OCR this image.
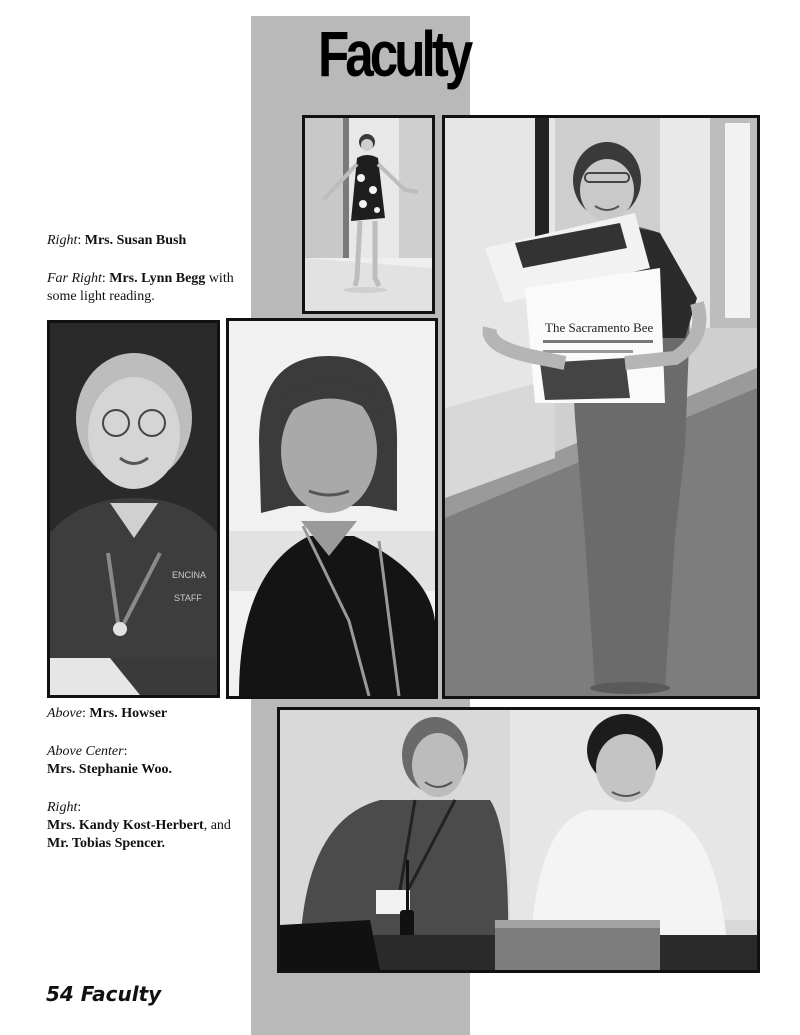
Faculty
The Sacramento Bee
ENCINA
STAFF
Right: Mrs. Susan Bush
Far Right: Mrs. Lynn Begg with
some light reading.
Above: Mrs. Howser
Above Center:
Mrs. Stephanie Woo.
Right:
Mrs. Kandy Kost-Herbert, and
Mr. Tobias Spencer.
54 Faculty
